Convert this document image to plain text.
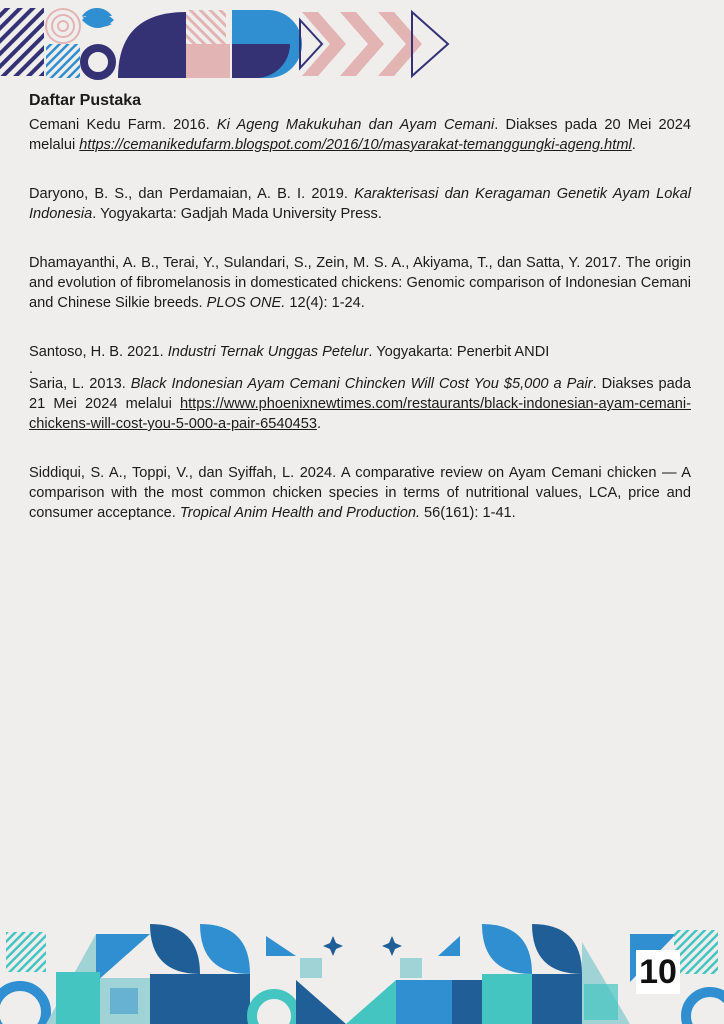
Daftar Pustaka
Cemani Kedu Farm. 2016. Ki Ageng Makukuhan dan Ayam Cemani. Diakses pada 20 Mei 2024 melalui https://cemanikedufarm.blogspot.com/2016/10/masyarakat-temanggungki-ageng.html.
Daryono, B. S., dan Perdamaian, A. B. I. 2019. Karakterisasi dan Keragaman Genetik Ayam Lokal Indonesia. Yogyakarta: Gadjah Mada University Press.
Dhamayanthi, A. B., Terai, Y., Sulandari, S., Zein, M. S. A., Akiyama, T., dan Satta, Y. 2017. The origin and evolution of fibromelanosis in domesticated chickens: Genomic comparison of Indonesian Cemani and Chinese Silkie breeds. PLOS ONE. 12(4): 1-24.
Santoso, H. B. 2021. Industri Ternak Unggas Petelur. Yogyakarta: Penerbit ANDI
.
Saria, L. 2013. Black Indonesian Ayam Cemani Chincken Will Cost You $5,000 a Pair. Diakses pada 21 Mei 2024 melalui https://www.phoenixnewtimes.com/restaurants/black-indonesian-ayam-cemani-chickens-will-cost-you-5-000-a-pair-6540453.
Siddiqui, S. A., Toppi, V., dan Syiffah, L. 2024. A comparative review on Ayam Cemani chicken — A comparison with the most common chicken species in terms of nutritional values, LCA, price and consumer acceptance. Tropical Anim Health and Production. 56(161): 1-41.
10
